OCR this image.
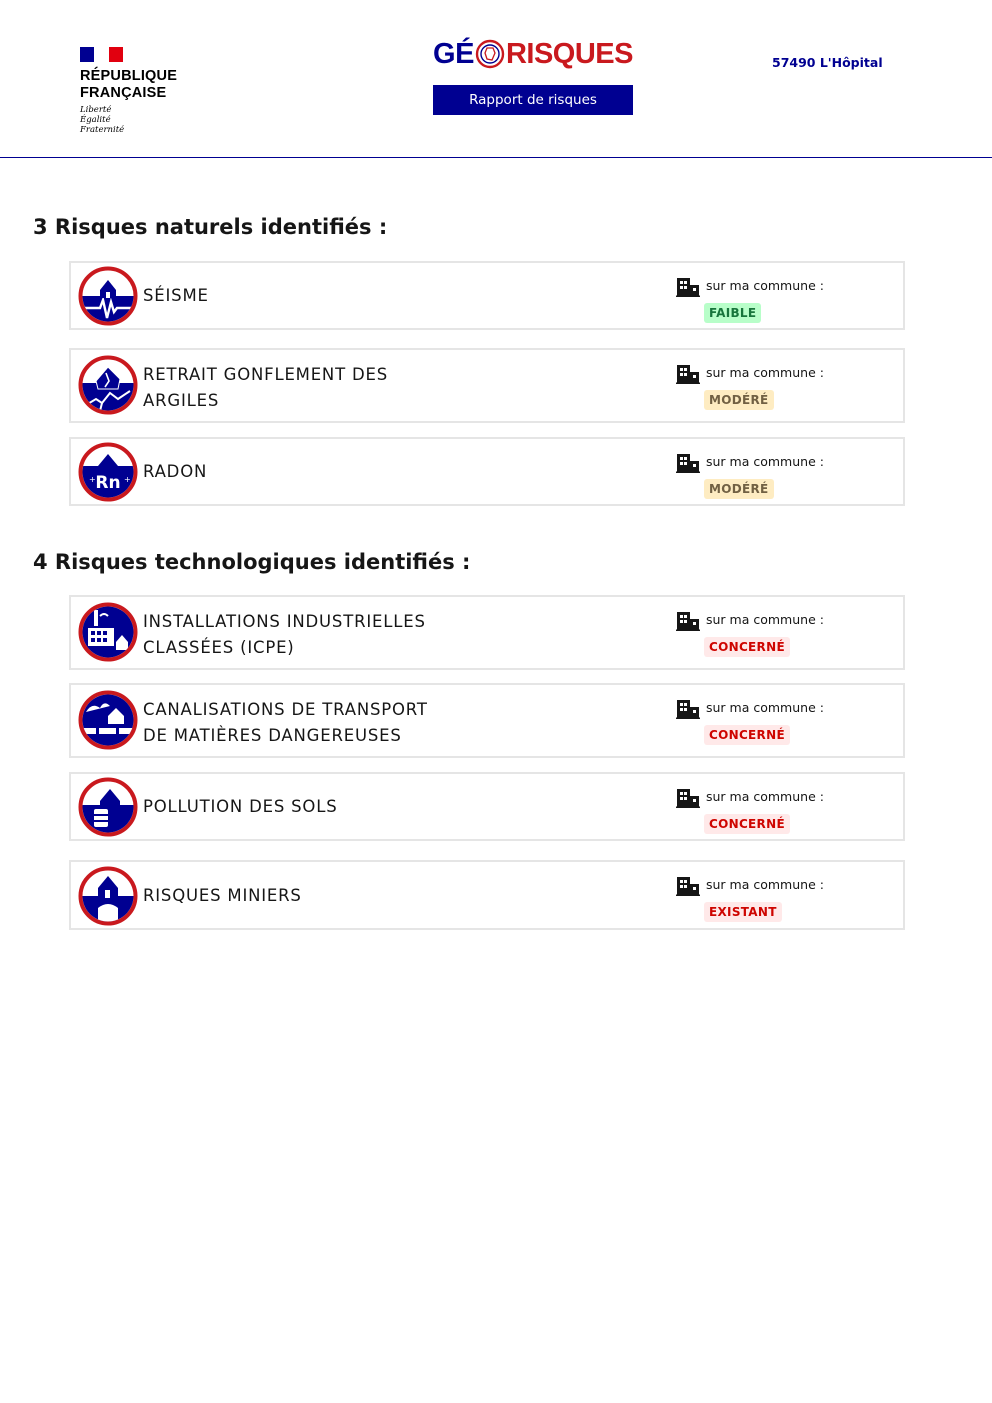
RÉPUBLIQUE
FRANÇAISE
Liberté
Égalité
Fraternité
GÉ RISQUES
Rapport de risques
57490 L'Hôpital
3 Risques naturels identifiés :
SÉISME
sur ma commune :
FAIBLE
RETRAIT GONFLEMENT DES
ARGILES
sur ma commune :
MODÉRÉ
Rn
+	+ RADON
sur ma commune :
MODÉRÉ
4 Risques technologiques identifiés :
INSTALLATIONS INDUSTRIELLES
CLASSÉES (ICPE)
sur ma commune :
CONCERNÉ
CANALISATIONS DE TRANSPORT
DE MATIÈRES DANGEREUSES
sur ma commune :
CONCERNÉ
POLLUTION DES SOLS
sur ma commune :
CONCERNÉ
RISQUES MINIERS
sur ma commune :
EXISTANT
